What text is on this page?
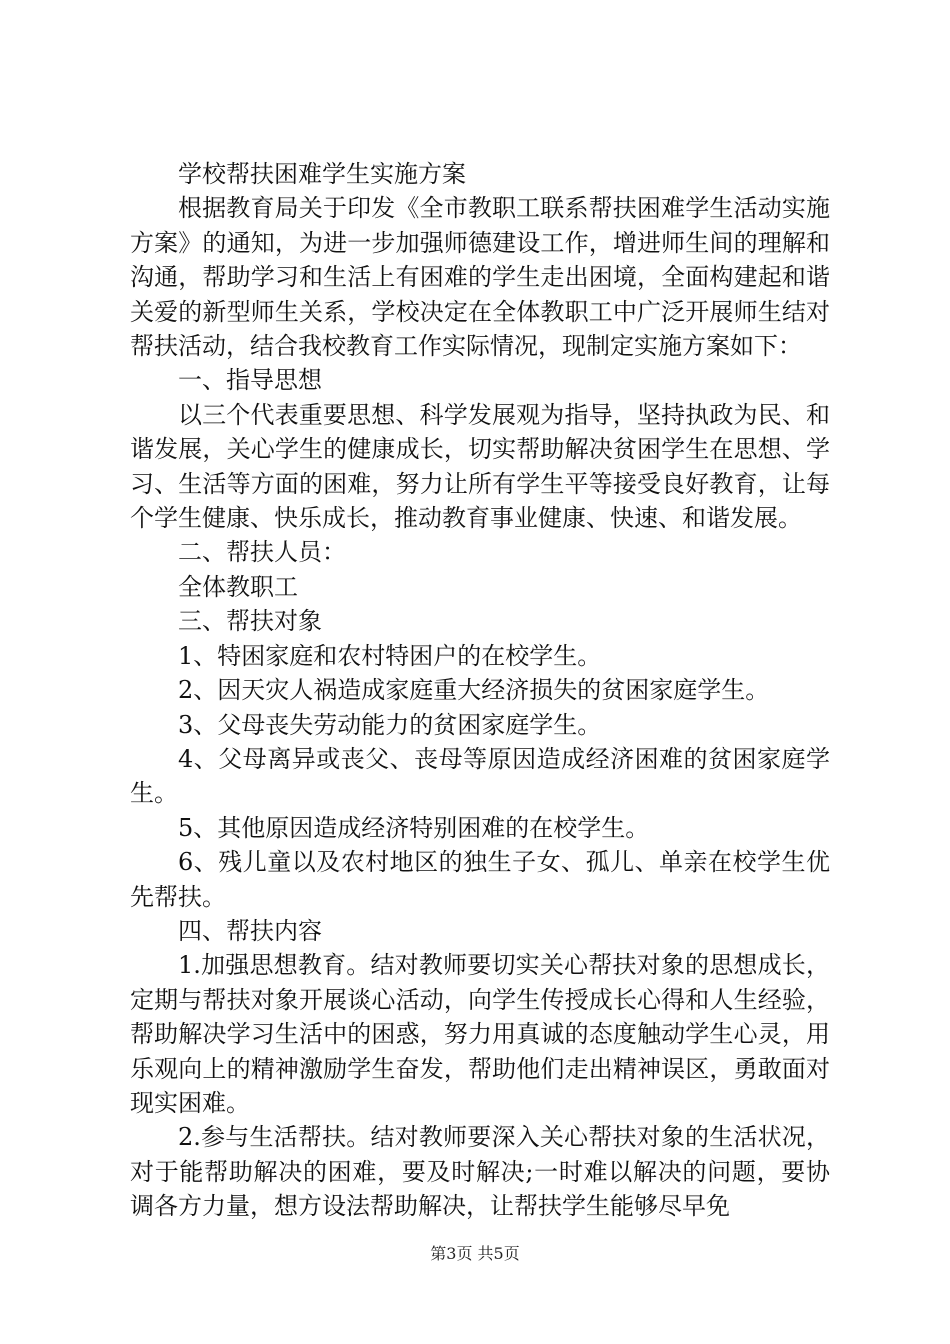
学校帮扶困难学生实施方案

根据教育局关于印发《全市教职工联系帮扶困难学生活动实施方案》的通知，为进一步加强师德建设工作，增进师生间的理解和沟通，帮助学习和生活上有困难的学生走出困境，全面构建起和谐关爱的新型师生关系，学校决定在全体教职工中广泛开展师生结对帮扶活动，结合我校教育工作实际情况，现制定实施方案如下：

一、指导思想

以三个代表重要思想、科学发展观为指导，坚持执政为民、和谐发展，关心学生的健康成长，切实帮助解决贫困学生在思想、学习、生活等方面的困难，努力让所有学生平等接受良好教育，让每个学生健康、快乐成长，推动教育事业健康、快速、和谐发展。

二、帮扶人员：

全体教职工

三、帮扶对象

1、特困家庭和农村特困户的在校学生。

2、因天灾人祸造成家庭重大经济损失的贫困家庭学生。

3、父母丧失劳动能力的贫困家庭学生。

4、父母离异或丧父、丧母等原因造成经济困难的贫困家庭学生。

5、其他原因造成经济特别困难的在校学生。

6、残儿童以及农村地区的独生子女、孤儿、单亲在校学生优先帮扶。

四、帮扶内容

1.加强思想教育。结对教师要切实关心帮扶对象的思想成长，定期与帮扶对象开展谈心活动，向学生传授成长心得和人生经验，帮助解决学习生活中的困惑，努力用真诚的态度触动学生心灵，用乐观向上的精神激励学生奋发，帮助他们走出精神误区，勇敢面对现实困难。

2.参与生活帮扶。结对教师要深入关心帮扶对象的生活状况，对于能帮助解决的困难，要及时解决;一时难以解决的问题，要协调各方力量，想方设法帮助解决，让帮扶学生能够尽早免

第3页 共5页
